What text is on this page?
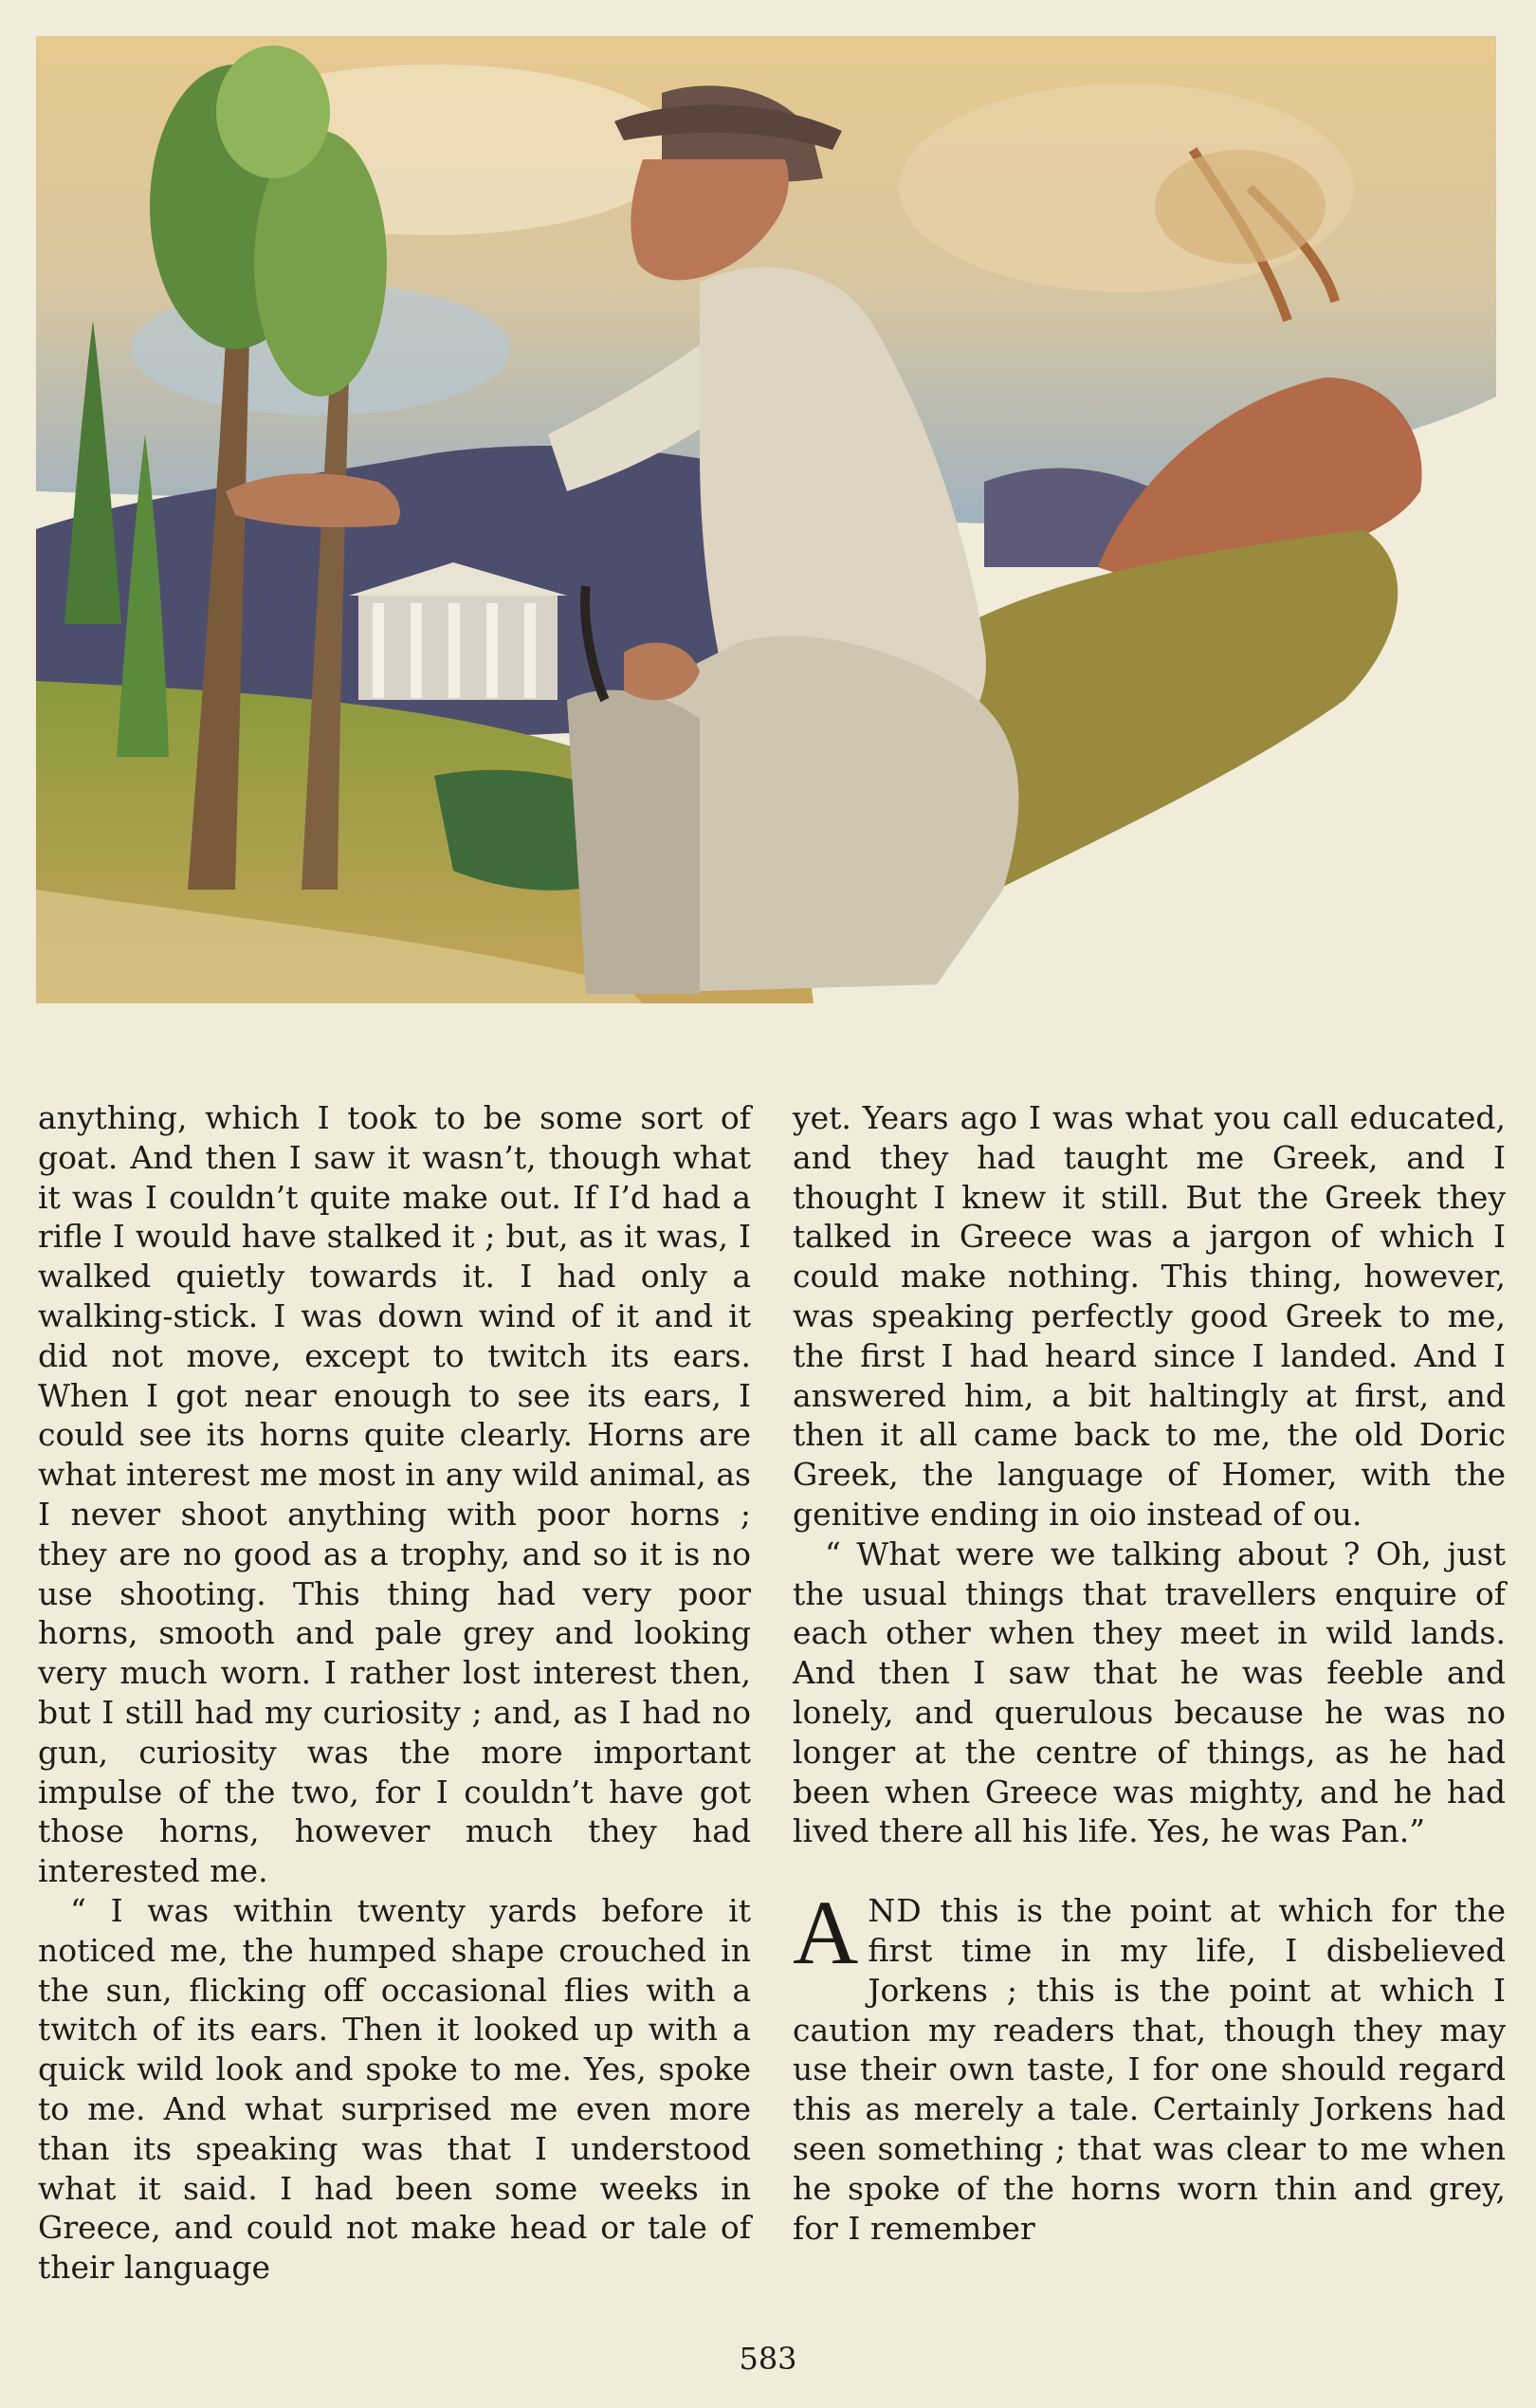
anything, which I took to be some sort of goat. And then I saw it wasn’t, though what it was I couldn’t quite make out. If I’d had a rifle I would have stalked it ; but, as it was, I walked quietly towards it. I had only a walking-stick. I was down wind of it and it did not move, except to twitch its ears. When I got near enough to see its ears, I could see its horns quite clearly. Horns are what interest me most in any wild animal, as I never shoot anything with poor horns ; they are no good as a trophy, and so it is no use shooting. This thing had very poor horns, smooth and pale grey and looking very much worn. I rather lost interest then, but I still had my curiosity ; and, as I had no gun, curiosity was the more important impulse of the two, for I couldn’t have got those horns, however much they had interested me.

“ I was within twenty yards before it noticed me, the humped shape crouched in the sun, flicking off occasional flies with a twitch of its ears. Then it looked up with a quick wild look and spoke to me. Yes, spoke to me. And what surprised me even more than its speaking was that I understood what it said. I had been some weeks in Greece, and could not make head or tale of their language

yet. Years ago I was what you call educated, and they had taught me Greek, and I thought I knew it still. But the Greek they talked in Greece was a jargon of which I could make nothing. This thing, however, was speaking perfectly good Greek to me, the first I had heard since I landed. And I answered him, a bit haltingly at first, and then it all came back to me, the old Doric Greek, the language of Homer, with the genitive ending in oio instead of ou.

“ What were we talking about ? Oh, just the usual things that travellers enquire of each other when they meet in wild lands. And then I saw that he was feeble and lonely, and querulous because he was no longer at the centre of things, as he had been when Greece was mighty, and he had lived there all his life. Yes, he was Pan.”

AND this is the point at which for the first time in my life, I disbelieved Jorkens ; this is the point at which I caution my readers that, though they may use their own taste, I for one should regard this as merely a tale. Certainly Jorkens had seen something ; that was clear to me when he spoke of the horns worn thin and grey, for I remember

583
